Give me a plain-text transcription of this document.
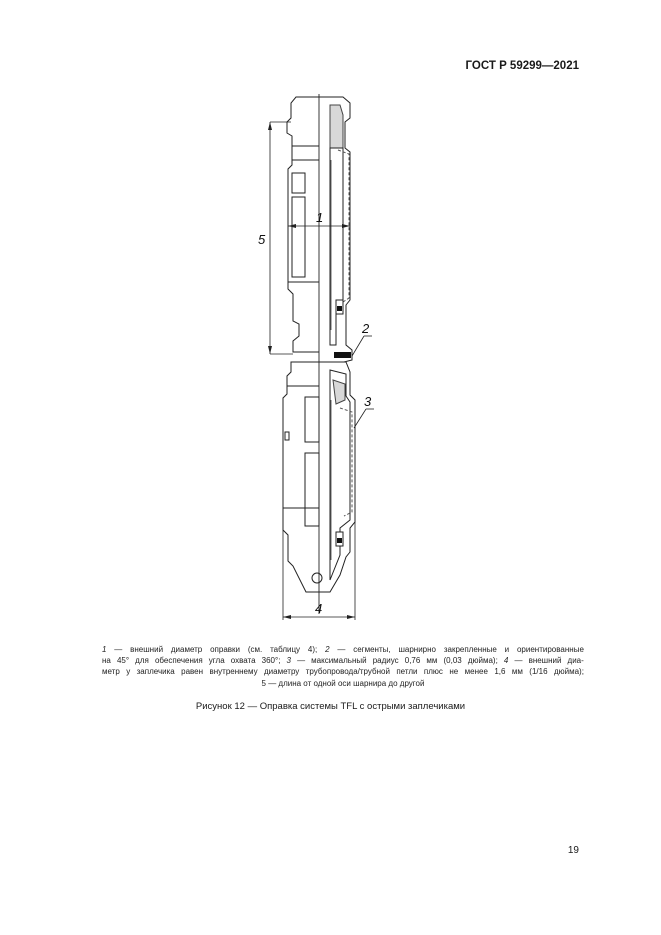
ГОСТ Р 59299—2021
5
1
2
3
4
1 — внешний диаметр оправки (см. таблицу 4); 2 — сегменты, шарнирно закрепленные и ориентированные
на 45° для обеспечения угла охвата 360°; 3 — максимальный радиус 0,76 мм (0,03 дюйма); 4 — внешний диа-
метр у заплечика равен внутреннему диаметру трубопровода/трубной петли плюс не менее 1,6 мм (1/16 дюйма);
5 — длина от одной оси шарнира до другой
Рисунок 12 — Оправка системы TFL с острыми заплечиками
19
